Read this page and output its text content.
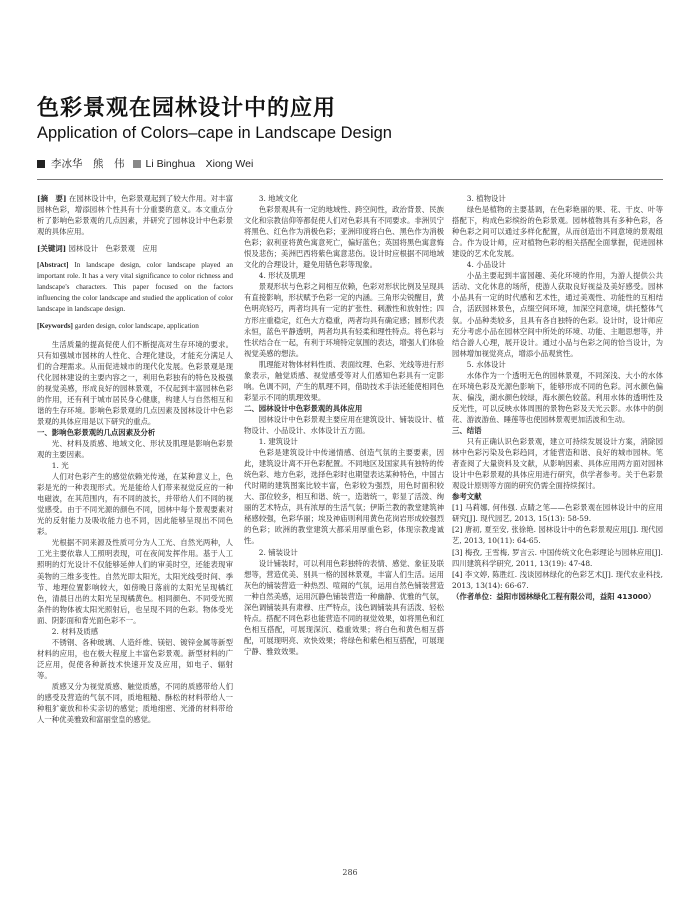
色彩景观在园林设计中的应用
Application of Colors–cape in Landscape Design
李冰华　熊　伟 Li Binghua　Xiong Wei

[摘　要] 在园林设计中，色彩景观起到了较大作用。对丰富园林色彩，增添园林个性具有十分重要的意义。本文重点分析了影响色彩景观的几点因素，并研究了园林设计中色彩景观的具体应用。

[关键词] 园林设计　色彩景观　应用

[Abstract] In landscape design, color landscape played an important role. It has a very vital significance to color richness and landscape's characters. This paper focused on the factors influencing the color landscape and studied the application of color landscape in landscape design.

[Keywords] garden design, color landscape, application

生活质量的提高促使人们不断提高对生存环境的要求。只有如强城市园林的人性化、合理化建设，才能充分满足人们的合理需求。从而促进城市的现代化发展。色彩景观是现代化园林建设的主要内容之一，利用色彩独有的特色及极强的视觉美感，形成良好的园林景观，不仅起到丰富园林色彩的作用，还有利于城市居民身心健康，构建人与自然相互和谐的生存环境。影响色彩景观的几点因素及园林设计中色彩景观的具体应用是以下研究的重点。

一、影响色彩景观的几点因素及分析

光、材料及质感、地域文化、形状及肌理是影响色彩景观的主要因素。

1. 光

人们对色彩产生的感觉依赖光传递，在某种意义上，色彩是光的一种表现形式。光是能给人们带来视觉反应的一种电磁波，在其范围内，有不同的波长，并带给人们不同的视觉感受。由于不同光源的颜色不同，园林中每个景观要素对光的反射能力及吸收能力也不同，因此能够呈现出不同色彩。

光根据不同来源及性质可分为人工光、自然光两种，人工光主要依靠人工照明表现，可在夜间发挥作用。基于人工照明的灯光设计不仅能够延伸人们的审美时空，还能表现审美物的三维多变性。自然光即太阳光，太阳光线受时间、季节、地理位置影响较大，如傍晚日落前的太阳光呈现橘红色，清晨日出的太阳光呈现橘黄色。相同颜色、不同受光照条件的物体被太阳光照射后，也呈现不同的色彩。物体受光面、阴影面和背光面色彩不一。

2. 材料及质感

不锈钢、各种玻璃、人造纤维、镁铝、镀锌金属等新型材料的应用，也在极大程度上丰富色彩景观。新型材料的广泛应用，促使各种新技术快速开发及应用，如电子、辐射等。

质感又分为视觉质感、触觉质感，不同的质感带给人们的感受及营造的气氛不同，质地粗糙、酥松的材料带给人一种粗犷豪放和朴实亲切的感觉；质地细密、光滑的材料带给人一种优美雅致和富丽堂皇的感觉。

3. 地域文化

色彩景观具有一定的地域性、跨空间性，政治背景、民族文化和宗教信仰等都促使人们对色彩具有不同要求。非洲贝宁将黑色、红色作为消极色彩；亚洲印度将白色、黑色作为消极色彩；叙利亚将黄色寓意死亡，偏好蓝色；英国将黑色寓意悔恨及悲伤；美洲巴西将紫色寓意悲伤。设计时应根据不同地域文化的合理设计，避免用错色彩等现象。

4. 形状及肌理

景观形状与色彩之间相互依赖，色彩对形状比例及呈现具有直接影响，形状赋予色彩一定的内涵。三角形尖锐醒目，黄色明亮轻巧，两者均具有一定的扩张性、刺激性和放射性；四方形庄重稳定，红色大方稳重，两者均具有确定感；圆形代表永恒，蓝色平静透明，两者均具有轻柔和理性特点。将色彩与性状结合在一起，有利于环境特定氛围的表达，增强人们体验视觉美感的想法。

肌理能对物体材料性质、表面纹理、色彩、光线等进行形象表示，触觉质感、视觉感受等对人们感知色彩具有一定影响。色调不同，产生的肌理不同，借助技术手法还能使相同色彩显示不同的肌理效果。

二、园林设计中色彩景观的具体应用

园林设计中色彩景观主要应用在建筑设计、铺装设计、植物设计、小品设计、水体设计五方面。

1. 建筑设计

色彩是建筑设计中传递情感、创造气氛的主要要素，因此，建筑设计离不开色彩配置。不同地区及国家具有独特的传统色彩、地方色彩，选择色彩时也期望表达某种特色，中国古代时期的建筑图案比较丰富，色彩较为强烈，用色时面积较大、部位较多，相互和谐、统一，造谐统一，彰显了活泼、绚丽的艺术特点，具有浓厚的生活气氛；伊斯兰教的教堂建筑神秘感较强，色彩华丽；埃及神庙则利用黄色花岗岩形成较强烈的色彩；欧洲的教堂建筑大都采用厚重色彩，体现宗教虔诚性。

2. 铺装设计

设计铺装时，可以利用色彩独特的表情、感觉、象征及联想等，营造优美、别具一格的园林景观，丰富人们生活。运用灰色的铺装营造一种热烈、喧闹的气氛，运用自然色铺装营造一种自然美感，运用沉静色铺装营造一种幽静、优雅的气氛，深色调铺装具有肃穆、庄严特点，浅色调铺装具有活泼、轻松特点。搭配不同色彩也能营造不同的视觉效果，如将黑色和红色相互搭配，可展现深沉、稳重效果；将白色和黄色相互搭配，可展现明亮、欢快效果；将绿色和紫色相互搭配，可展现宁静、雅致效果。

3. 植物设计

绿色是植物的主要基调，在色彩艳丽的果、花、干皮、叶等搭配下，构成色彩缤纷的色彩景观。园林植物具有多种色彩，各种色彩之间可以通过多样化配置，从而创造出不同意境的景观组合。作为设计师，应对植物色彩的相关搭配全面掌握，促进园林建设的艺术化发展。

4. 小品设计

小品主要起到丰富园趣、美化环境的作用，为游人提供公共活动、文化休息的场所，使游人获取良好视益及美好感受。园林小品具有一定的时代感和艺术性，通过美观性、功能性的互相结合，活跃园林景色，点缀空间环境，加深空间意境，烘托整体气氛。小品种类较多，且具有各自独特的色彩。设计时，设计师应充分考虑小品在园林空间中所处的环境、功能、主题思想等，并结合游人心理，展开设计。通过小品与色彩之间的恰当设计，为园林增加视觉亮点，增添小品观赏性。

5. 水体设计

水体作为一个透明无色的园林景观，不同深浅、大小的水体在环境色彩及光源色影响下，能够形成不同的色彩。河水颜色偏灰、偏浅，湖水颜色较绿，海水颜色较蓝。利用水体的透明性及反光性，可以反映水体周围的景物色彩及天光云影。水体中的倒花、游波游鱼、睡莲等也使园林景观更加活波和生动。

三、结语

只有正确认识色彩景观，建立可持续发展设计方案，消除园林中色彩污染及色彩趋同，才能营造和谐、良好的城市园林。笔者查阅了大量资料及文献，从影响因素、具体应用两方面对园林设计中色彩景观的具体应用进行研究，供学者参考。关于色彩景观设计原则等方面的研究仍需全面持续探讨。

参考文献

[1] 马莉娜, 何伟强. 点睛之笔——色彩景观在园林设计中的应用研究[J]. 现代园艺, 2013, 15(13): 58-59.

[2] 唐初, 夏至安, 张徐艳. 园林设计中的色彩景观应用[J]. 现代园艺, 2013, 10(11): 64-65.

[3] 梅孜, 王雪梅, 罗言云. 中国传统文化色彩理论与园林应用[J]. 四川建筑科学研究, 2011, 13(19): 47-48.

[4] 李文婷, 陈胜红. 浅谈园林绿化的色彩艺术[J]. 现代农业科技, 2013, 13(14): 66-67.

（作者单位：益阳市园林绿化工程有限公司，益阳 413000）

286
